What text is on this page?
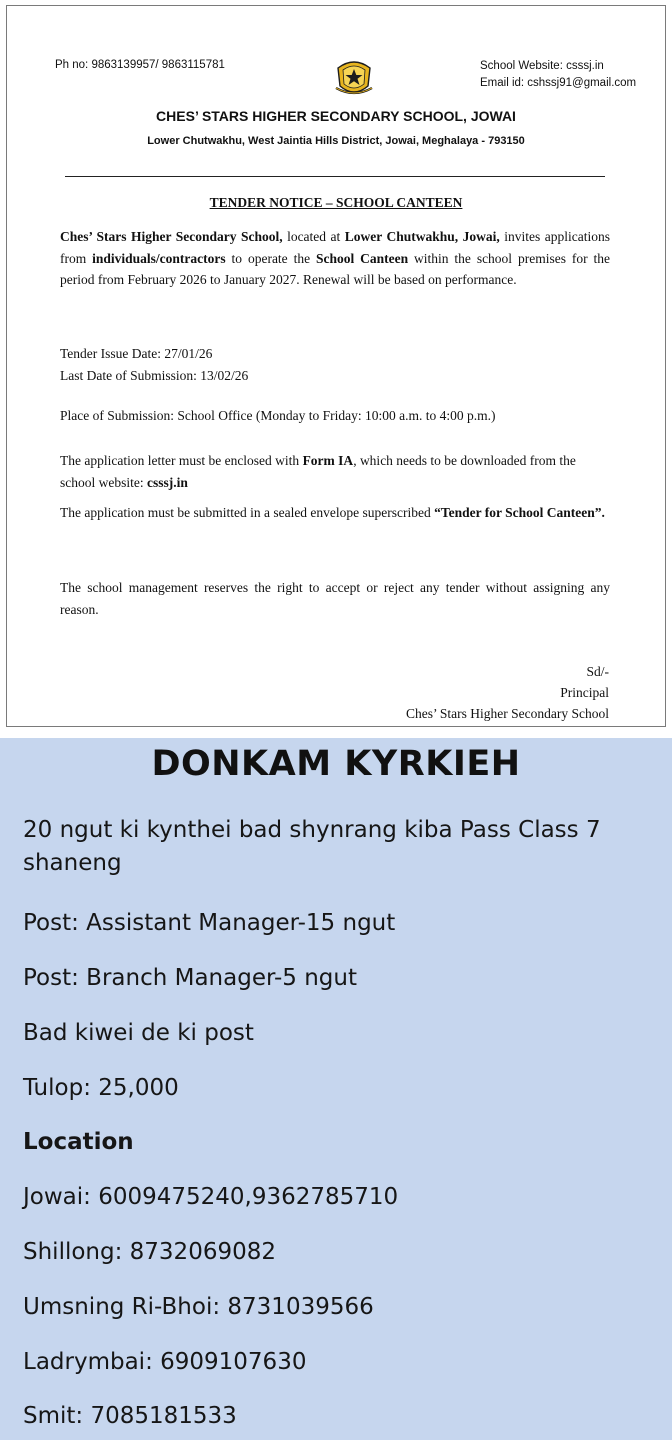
Ph no: 9863139957/ 9863115781	School Website: csssj.in
Email id: cshssj91@gmail.com
CHES’ STARS HIGHER SECONDARY SCHOOL, JOWAI
Lower Chutwakhu, West Jaintia Hills District, Jowai, Meghalaya - 793150
TENDER NOTICE – SCHOOL CANTEEN
Ches’ Stars Higher Secondary School, located at Lower Chutwakhu, Jowai, invites applications from individuals/contractors to operate the School Canteen within the school premises for the period from February 2026 to January 2027. Renewal will be based on performance.
Tender Issue Date: 27/01/26
Last Date of Submission: 13/02/26
Place of Submission: School Office (Monday to Friday: 10:00 a.m. to 4:00 p.m.)
The application letter must be enclosed with Form IA, which needs to be downloaded from the school website: csssj.in
The application must be submitted in a sealed envelope superscribed “Tender for School Canteen”.
The school management reserves the right to accept or reject any tender without assigning any reason.
Sd/-
Principal
Ches’ Stars Higher Secondary School
DONKAM KYRKIEH
20 ngut ki kynthei bad shynrang kiba Pass Class 7 shaneng
Post: Assistant Manager-15 ngut
Post: Branch Manager-5 ngut
Bad kiwei de ki post
Tulop: 25,000
Location
Jowai: 6009475240,9362785710
Shillong: 8732069082
Umsning Ri-Bhoi: 8731039566
Ladrymbai: 6909107630
Smit: 7085181533
